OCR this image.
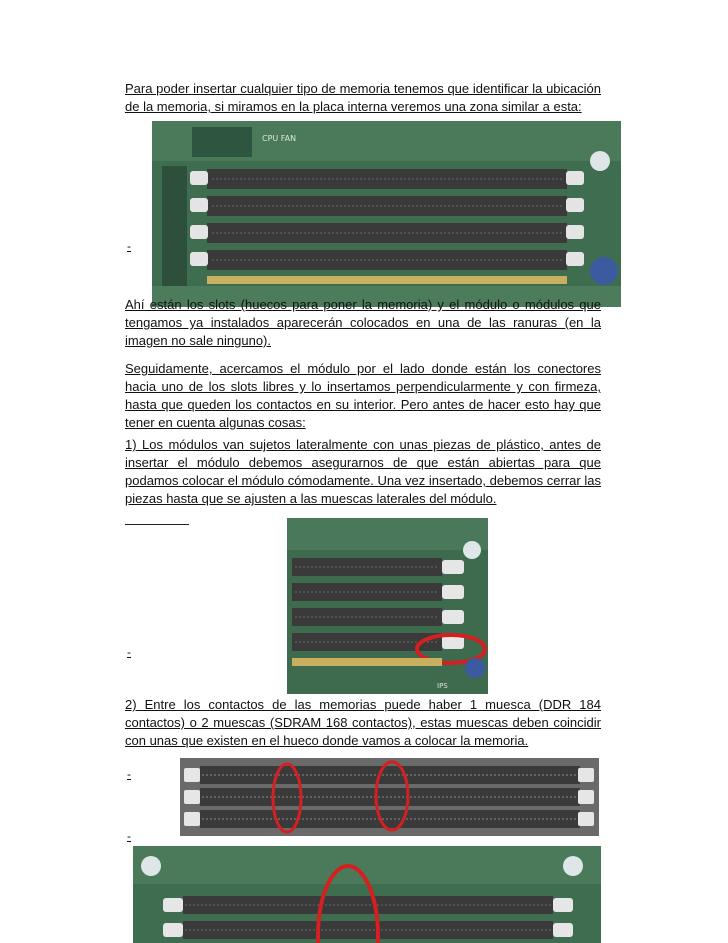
Para poder insertar cualquier tipo de memoria tenemos que identificar la ubicación de la memoria, si miramos en la placa interna veremos una zona similar a esta:

CPU FAN
-

Ahí están los slots (huecos para poner la memoria) y el módulo o módulos que tengamos ya instalados aparecerán colocados en una de las ranuras (en la imagen no sale ninguno).

Seguidamente, acercamos el módulo por el lado donde están los conectores hacia uno de los slots libres y lo insertamos perpendicularmente y con firmeza, hasta que queden los contactos en su interior. Pero antes de hacer esto hay que tener en cuenta algunas cosas:

1) Los módulos van sujetos lateralmente con unas piezas de plástico, antes de insertar el módulo debemos asegurarnos de que están abiertas para que podamos colocar el módulo cómodamente. Una vez insertado, debemos cerrar las piezas hasta que se ajusten a las muescas laterales del módulo.

IPS
-

2) Entre los contactos de las memorias puede haber 1 muesca (DDR 184 contactos) o 2 muescas (SDRAM 168 contactos), estas muescas deben coincidir con unas que existen en el hueco donde vamos a colocar la memoria.

-
-
